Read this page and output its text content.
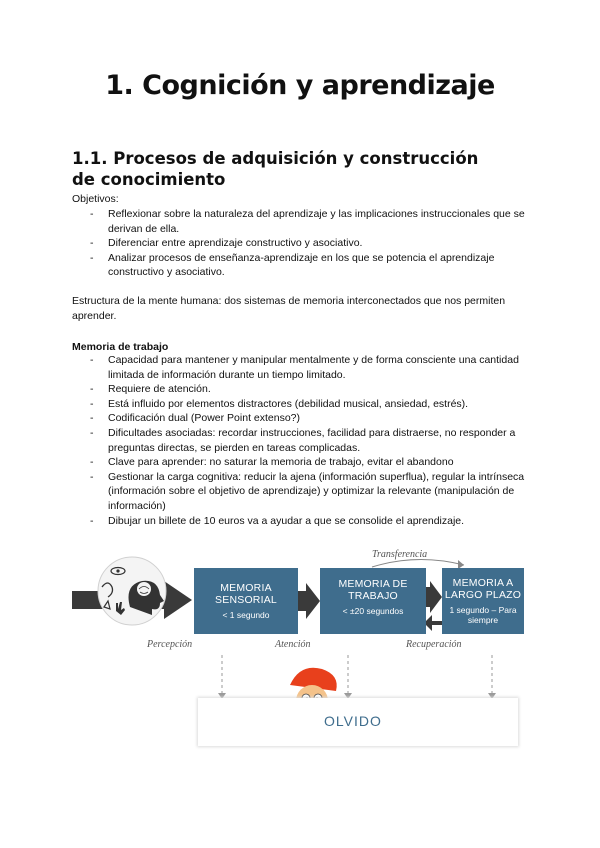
1. Cognición y aprendizaje
1.1. Procesos de adquisición y construcción de conocimiento
Objetivos:
- Reflexionar sobre la naturaleza del aprendizaje y las implicaciones instruccionales que se derivan de ella.
- Diferenciar entre aprendizaje constructivo y asociativo.
- Analizar procesos de enseñanza-aprendizaje en los que se potencia el aprendizaje constructivo y asociativo.
Estructura de la mente humana: dos sistemas de memoria interconectados que nos permiten aprender.
Memoria de trabajo
- Capacidad para mantener y manipular mentalmente y de forma consciente una cantidad limitada de información durante un tiempo limitado.
- Requiere de atención.
- Está influido por elementos distractores (debilidad musical, ansiedad, estrés).
- Codificación dual (Power Point extenso?)
- Dificultades asociadas: recordar instrucciones, facilidad para distraerse, no responder a preguntas directas, se pierden en tareas complicadas.
- Clave para aprender: no saturar la memoria de trabajo, evitar el abandono
- Gestionar la carga cognitiva: reducir la ajena (información superflua), regular la intrínseca (información sobre el objetivo de aprendizaje) y optimizar la relevante (manipulación de información)
- Dibujar un billete de 10 euros va a ayudar a que se consolide el aprendizaje.
OLVIDO
MEMORIA SENSORIAL
< 1 segundo
MEMORIA DE TRABAJO
< ±20 segundos
MEMORIA A LARGO PLAZO
1 segundo – Para siempre
Transferencia
Percepción	Atención	Recuperación
